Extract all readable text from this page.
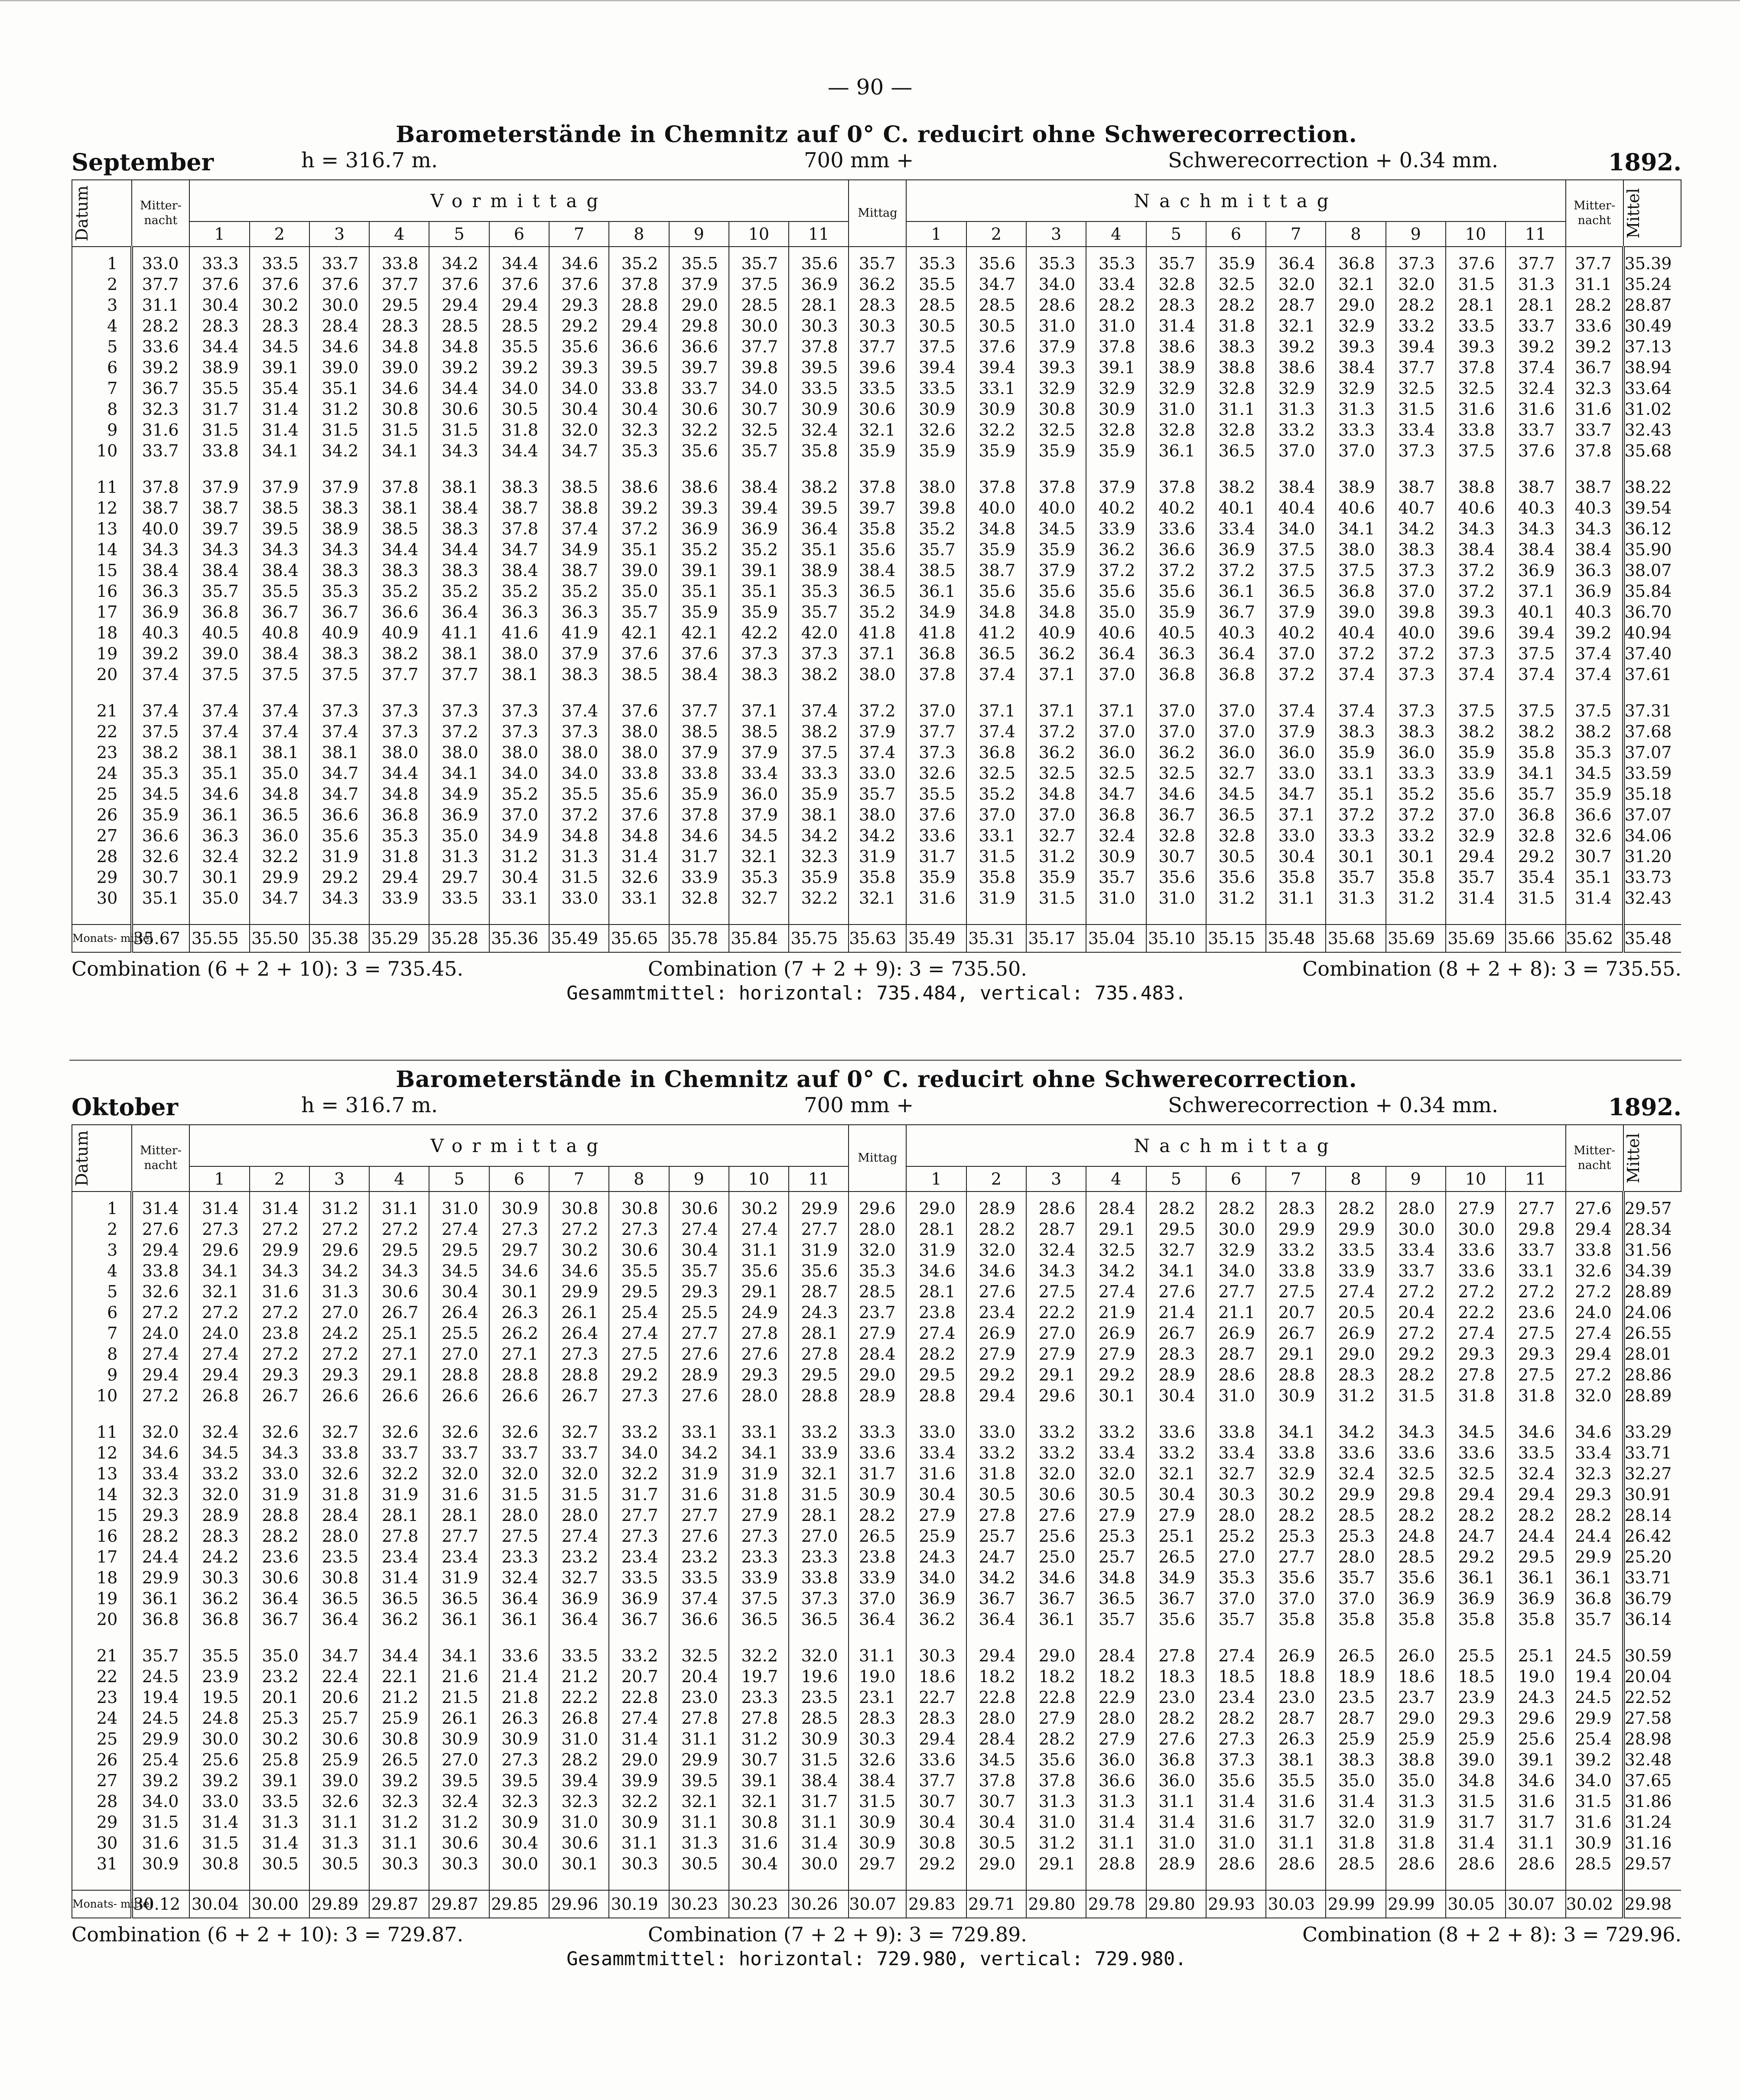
— 90 —
Barometerstände in Chemnitz auf 0° C. reducirt ohne Schwerecorrection.
September	h = 316.7 m.	700 mm +	Schwerecorrection + 0.34 mm.	1892.
Datum	Mitter- nacht	Vormittag											Mittag	Nachmittag											Mitter- nacht	Mittel

		1	2	3	4	5	6	7	8	9	10	11		1	2	3	4	5	6	7	8	9	10	11		
1	33.0	33.3	33.5	33.7	33.8	34.2	34.4	34.6	35.2	35.5	35.7	35.6	35.7	35.3	35.6	35.3	35.3	35.7	35.9	36.4	36.8	37.3	37.6	37.7	37.7	35.39
2	37.7	37.6	37.6	37.6	37.7	37.6	37.6	37.6	37.8	37.9	37.5	36.9	36.2	35.5	34.7	34.0	33.4	32.8	32.5	32.0	32.1	32.0	31.5	31.3	31.1	35.24
3	31.1	30.4	30.2	30.0	29.5	29.4	29.4	29.3	28.8	29.0	28.5	28.1	28.3	28.5	28.5	28.6	28.2	28.3	28.2	28.7	29.0	28.2	28.1	28.1	28.2	28.87
4	28.2	28.3	28.3	28.4	28.3	28.5	28.5	29.2	29.4	29.8	30.0	30.3	30.3	30.5	30.5	31.0	31.0	31.4	31.8	32.1	32.9	33.2	33.5	33.7	33.6	30.49
5	33.6	34.4	34.5	34.6	34.8	34.8	35.5	35.6	36.6	36.6	37.7	37.8	37.7	37.5	37.6	37.9	37.8	38.6	38.3	39.2	39.3	39.4	39.3	39.2	39.2	37.13
6	39.2	38.9	39.1	39.0	39.0	39.2	39.2	39.3	39.5	39.7	39.8	39.5	39.6	39.4	39.4	39.3	39.1	38.9	38.8	38.6	38.4	37.7	37.8	37.4	36.7	38.94
7	36.7	35.5	35.4	35.1	34.6	34.4	34.0	34.0	33.8	33.7	34.0	33.5	33.5	33.5	33.1	32.9	32.9	32.9	32.8	32.9	32.9	32.5	32.5	32.4	32.3	33.64
8	32.3	31.7	31.4	31.2	30.8	30.6	30.5	30.4	30.4	30.6	30.7	30.9	30.6	30.9	30.9	30.8	30.9	31.0	31.1	31.3	31.3	31.5	31.6	31.6	31.6	31.02
9	31.6	31.5	31.4	31.5	31.5	31.5	31.8	32.0	32.3	32.2	32.5	32.4	32.1	32.6	32.2	32.5	32.8	32.8	32.8	33.2	33.3	33.4	33.8	33.7	33.7	32.43
10	33.7	33.8	34.1	34.2	34.1	34.3	34.4	34.7	35.3	35.6	35.7	35.8	35.9	35.9	35.9	35.9	35.9	36.1	36.5	37.0	37.0	37.3	37.5	37.6	37.8	35.68

11	37.8	37.9	37.9	37.9	37.8	38.1	38.3	38.5	38.6	38.6	38.4	38.2	37.8	38.0	37.8	37.8	37.9	37.8	38.2	38.4	38.9	38.7	38.8	38.7	38.7	38.22
12	38.7	38.7	38.5	38.3	38.1	38.4	38.7	38.8	39.2	39.3	39.4	39.5	39.7	39.8	40.0	40.0	40.2	40.2	40.1	40.4	40.6	40.7	40.6	40.3	40.3	39.54
13	40.0	39.7	39.5	38.9	38.5	38.3	37.8	37.4	37.2	36.9	36.9	36.4	35.8	35.2	34.8	34.5	33.9	33.6	33.4	34.0	34.1	34.2	34.3	34.3	34.3	36.12
14	34.3	34.3	34.3	34.3	34.4	34.4	34.7	34.9	35.1	35.2	35.2	35.1	35.6	35.7	35.9	35.9	36.2	36.6	36.9	37.5	38.0	38.3	38.4	38.4	38.4	35.90
15	38.4	38.4	38.4	38.3	38.3	38.3	38.4	38.7	39.0	39.1	39.1	38.9	38.4	38.5	38.7	37.9	37.2	37.2	37.2	37.5	37.5	37.3	37.2	36.9	36.3	38.07
16	36.3	35.7	35.5	35.3	35.2	35.2	35.2	35.2	35.0	35.1	35.1	35.3	36.5	36.1	35.6	35.6	35.6	35.6	36.1	36.5	36.8	37.0	37.2	37.1	36.9	35.84
17	36.9	36.8	36.7	36.7	36.6	36.4	36.3	36.3	35.7	35.9	35.9	35.7	35.2	34.9	34.8	34.8	35.0	35.9	36.7	37.9	39.0	39.8	39.3	40.1	40.3	36.70
18	40.3	40.5	40.8	40.9	40.9	41.1	41.6	41.9	42.1	42.1	42.2	42.0	41.8	41.8	41.2	40.9	40.6	40.5	40.3	40.2	40.4	40.0	39.6	39.4	39.2	40.94
19	39.2	39.0	38.4	38.3	38.2	38.1	38.0	37.9	37.6	37.6	37.3	37.3	37.1	36.8	36.5	36.2	36.4	36.3	36.4	37.0	37.2	37.2	37.3	37.5	37.4	37.40
20	37.4	37.5	37.5	37.5	37.7	37.7	38.1	38.3	38.5	38.4	38.3	38.2	38.0	37.8	37.4	37.1	37.0	36.8	36.8	37.2	37.4	37.3	37.4	37.4	37.4	37.61

21	37.4	37.4	37.4	37.3	37.3	37.3	37.3	37.4	37.6	37.7	37.1	37.4	37.2	37.0	37.1	37.1	37.1	37.0	37.0	37.4	37.4	37.3	37.5	37.5	37.5	37.31
22	37.5	37.4	37.4	37.4	37.3	37.2	37.3	37.3	38.0	38.5	38.5	38.2	37.9	37.7	37.4	37.2	37.0	37.0	37.0	37.9	38.3	38.3	38.2	38.2	38.2	37.68
23	38.2	38.1	38.1	38.1	38.0	38.0	38.0	38.0	38.0	37.9	37.9	37.5	37.4	37.3	36.8	36.2	36.0	36.2	36.0	36.0	35.9	36.0	35.9	35.8	35.3	37.07
24	35.3	35.1	35.0	34.7	34.4	34.1	34.0	34.0	33.8	33.8	33.4	33.3	33.0	32.6	32.5	32.5	32.5	32.5	32.7	33.0	33.1	33.3	33.9	34.1	34.5	33.59
25	34.5	34.6	34.8	34.7	34.8	34.9	35.2	35.5	35.6	35.9	36.0	35.9	35.7	35.5	35.2	34.8	34.7	34.6	34.5	34.7	35.1	35.2	35.6	35.7	35.9	35.18
26	35.9	36.1	36.5	36.6	36.8	36.9	37.0	37.2	37.6	37.8	37.9	38.1	38.0	37.6	37.0	37.0	36.8	36.7	36.5	37.1	37.2	37.2	37.0	36.8	36.6	37.07
27	36.6	36.3	36.0	35.6	35.3	35.0	34.9	34.8	34.8	34.6	34.5	34.2	34.2	33.6	33.1	32.7	32.4	32.8	32.8	33.0	33.3	33.2	32.9	32.8	32.6	34.06
28	32.6	32.4	32.2	31.9	31.8	31.3	31.2	31.3	31.4	31.7	32.1	32.3	31.9	31.7	31.5	31.2	30.9	30.7	30.5	30.4	30.1	30.1	29.4	29.2	30.7	31.20
29	30.7	30.1	29.9	29.2	29.4	29.7	30.4	31.5	32.6	33.9	35.3	35.9	35.8	35.9	35.8	35.9	35.7	35.6	35.6	35.8	35.7	35.8	35.7	35.4	35.1	33.73
30	35.1	35.0	34.7	34.3	33.9	33.5	33.1	33.0	33.1	32.8	32.7	32.2	32.1	31.6	31.9	31.5	31.0	31.0	31.2	31.1	31.3	31.2	31.4	31.5	31.4	32.43

Monats- mittel	35.67	35.55	35.50	35.38	35.29	35.28	35.36	35.49	35.65	35.78	35.84	35.75	35.63	35.49	35.31	35.17	35.04	35.10	35.15	35.48	35.68	35.69	35.69	35.66	35.62	35.48
Combination (6 + 2 + 10): 3 = 735.45.	Combination (7 + 2 + 9): 3 = 735.50.	Combination (8 + 2 + 8): 3 = 735.55.
Gesammtmittel: horizontal: 735.484, vertical: 735.483.
Barometerstände in Chemnitz auf 0° C. reducirt ohne Schwerecorrection.
Oktober	h = 316.7 m.	700 mm +	Schwerecorrection + 0.34 mm.	1892.
Datum	Mitter- nacht	Vormittag											Mittag	Nachmittag											Mitter- nacht	Mittel

		1	2	3	4	5	6	7	8	9	10	11		1	2	3	4	5	6	7	8	9	10	11		
1	31.4	31.4	31.4	31.2	31.1	31.0	30.9	30.8	30.8	30.6	30.2	29.9	29.6	29.0	28.9	28.6	28.4	28.2	28.2	28.3	28.2	28.0	27.9	27.7	27.6	29.57
2	27.6	27.3	27.2	27.2	27.2	27.4	27.3	27.2	27.3	27.4	27.4	27.7	28.0	28.1	28.2	28.7	29.1	29.5	30.0	29.9	29.9	30.0	30.0	29.8	29.4	28.34
3	29.4	29.6	29.9	29.6	29.5	29.5	29.7	30.2	30.6	30.4	31.1	31.9	32.0	31.9	32.0	32.4	32.5	32.7	32.9	33.2	33.5	33.4	33.6	33.7	33.8	31.56
4	33.8	34.1	34.3	34.2	34.3	34.5	34.6	34.6	35.5	35.7	35.6	35.6	35.3	34.6	34.6	34.3	34.2	34.1	34.0	33.8	33.9	33.7	33.6	33.1	32.6	34.39
5	32.6	32.1	31.6	31.3	30.6	30.4	30.1	29.9	29.5	29.3	29.1	28.7	28.5	28.1	27.6	27.5	27.4	27.6	27.7	27.5	27.4	27.2	27.2	27.2	27.2	28.89
6	27.2	27.2	27.2	27.0	26.7	26.4	26.3	26.1	25.4	25.5	24.9	24.3	23.7	23.8	23.4	22.2	21.9	21.4	21.1	20.7	20.5	20.4	22.2	23.6	24.0	24.06
7	24.0	24.0	23.8	24.2	25.1	25.5	26.2	26.4	27.4	27.7	27.8	28.1	27.9	27.4	26.9	27.0	26.9	26.7	26.9	26.7	26.9	27.2	27.4	27.5	27.4	26.55
8	27.4	27.4	27.2	27.2	27.1	27.0	27.1	27.3	27.5	27.6	27.6	27.8	28.4	28.2	27.9	27.9	27.9	28.3	28.7	29.1	29.0	29.2	29.3	29.3	29.4	28.01
9	29.4	29.4	29.3	29.3	29.1	28.8	28.8	28.8	29.2	28.9	29.3	29.5	29.0	29.5	29.2	29.1	29.2	28.9	28.6	28.8	28.3	28.2	27.8	27.5	27.2	28.86
10	27.2	26.8	26.7	26.6	26.6	26.6	26.6	26.7	27.3	27.6	28.0	28.8	28.9	28.8	29.4	29.6	30.1	30.4	31.0	30.9	31.2	31.5	31.8	31.8	32.0	28.89

11	32.0	32.4	32.6	32.7	32.6	32.6	32.6	32.7	33.2	33.1	33.1	33.2	33.3	33.0	33.0	33.2	33.2	33.6	33.8	34.1	34.2	34.3	34.5	34.6	34.6	33.29
12	34.6	34.5	34.3	33.8	33.7	33.7	33.7	33.7	34.0	34.2	34.1	33.9	33.6	33.4	33.2	33.2	33.4	33.2	33.4	33.8	33.6	33.6	33.6	33.5	33.4	33.71
13	33.4	33.2	33.0	32.6	32.2	32.0	32.0	32.0	32.2	31.9	31.9	32.1	31.7	31.6	31.8	32.0	32.0	32.1	32.7	32.9	32.4	32.5	32.5	32.4	32.3	32.27
14	32.3	32.0	31.9	31.8	31.9	31.6	31.5	31.5	31.7	31.6	31.8	31.5	30.9	30.4	30.5	30.6	30.5	30.4	30.3	30.2	29.9	29.8	29.4	29.4	29.3	30.91
15	29.3	28.9	28.8	28.4	28.1	28.1	28.0	28.0	27.7	27.7	27.9	28.1	28.2	27.9	27.8	27.6	27.9	27.9	28.0	28.2	28.5	28.2	28.2	28.2	28.2	28.14
16	28.2	28.3	28.2	28.0	27.8	27.7	27.5	27.4	27.3	27.6	27.3	27.0	26.5	25.9	25.7	25.6	25.3	25.1	25.2	25.3	25.3	24.8	24.7	24.4	24.4	26.42
17	24.4	24.2	23.6	23.5	23.4	23.4	23.3	23.2	23.4	23.2	23.3	23.3	23.8	24.3	24.7	25.0	25.7	26.5	27.0	27.7	28.0	28.5	29.2	29.5	29.9	25.20
18	29.9	30.3	30.6	30.8	31.4	31.9	32.4	32.7	33.5	33.5	33.9	33.8	33.9	34.0	34.2	34.6	34.8	34.9	35.3	35.6	35.7	35.6	36.1	36.1	36.1	33.71
19	36.1	36.2	36.4	36.5	36.5	36.5	36.4	36.9	36.9	37.4	37.5	37.3	37.0	36.9	36.7	36.7	36.5	36.7	37.0	37.0	37.0	36.9	36.9	36.9	36.8	36.79
20	36.8	36.8	36.7	36.4	36.2	36.1	36.1	36.4	36.7	36.6	36.5	36.5	36.4	36.2	36.4	36.1	35.7	35.6	35.7	35.8	35.8	35.8	35.8	35.8	35.7	36.14

21	35.7	35.5	35.0	34.7	34.4	34.1	33.6	33.5	33.2	32.5	32.2	32.0	31.1	30.3	29.4	29.0	28.4	27.8	27.4	26.9	26.5	26.0	25.5	25.1	24.5	30.59
22	24.5	23.9	23.2	22.4	22.1	21.6	21.4	21.2	20.7	20.4	19.7	19.6	19.0	18.6	18.2	18.2	18.2	18.3	18.5	18.8	18.9	18.6	18.5	19.0	19.4	20.04
23	19.4	19.5	20.1	20.6	21.2	21.5	21.8	22.2	22.8	23.0	23.3	23.5	23.1	22.7	22.8	22.8	22.9	23.0	23.4	23.0	23.5	23.7	23.9	24.3	24.5	22.52
24	24.5	24.8	25.3	25.7	25.9	26.1	26.3	26.8	27.4	27.8	27.8	28.5	28.3	28.3	28.0	27.9	28.0	28.2	28.2	28.7	28.7	29.0	29.3	29.6	29.9	27.58
25	29.9	30.0	30.2	30.6	30.8	30.9	30.9	31.0	31.4	31.1	31.2	30.9	30.3	29.4	28.4	28.2	27.9	27.6	27.3	26.3	25.9	25.9	25.9	25.6	25.4	28.98
26	25.4	25.6	25.8	25.9	26.5	27.0	27.3	28.2	29.0	29.9	30.7	31.5	32.6	33.6	34.5	35.6	36.0	36.8	37.3	38.1	38.3	38.8	39.0	39.1	39.2	32.48
27	39.2	39.2	39.1	39.0	39.2	39.5	39.5	39.4	39.9	39.5	39.1	38.4	38.4	37.7	37.8	37.8	36.6	36.0	35.6	35.5	35.0	35.0	34.8	34.6	34.0	37.65
28	34.0	33.0	33.5	32.6	32.3	32.4	32.3	32.3	32.2	32.1	32.1	31.7	31.5	30.7	30.7	31.3	31.3	31.1	31.4	31.6	31.4	31.3	31.5	31.6	31.5	31.86
29	31.5	31.4	31.3	31.1	31.2	31.2	30.9	31.0	30.9	31.1	30.8	31.1	30.9	30.4	30.4	31.0	31.4	31.4	31.6	31.7	32.0	31.9	31.7	31.7	31.6	31.24
30	31.6	31.5	31.4	31.3	31.1	30.6	30.4	30.6	31.1	31.3	31.6	31.4	30.9	30.8	30.5	31.2	31.1	31.0	31.0	31.1	31.8	31.8	31.4	31.1	30.9	31.16
31	30.9	30.8	30.5	30.5	30.3	30.3	30.0	30.1	30.3	30.5	30.4	30.0	29.7	29.2	29.0	29.1	28.8	28.9	28.6	28.6	28.5	28.6	28.6	28.6	28.5	29.57

Monats- mittel	30.12	30.04	30.00	29.89	29.87	29.87	29.85	29.96	30.19	30.23	30.23	30.26	30.07	29.83	29.71	29.80	29.78	29.80	29.93	30.03	29.99	29.99	30.05	30.07	30.02	29.98
Combination (6 + 2 + 10): 3 = 729.87.	Combination (7 + 2 + 9): 3 = 729.89.	Combination (8 + 2 + 8): 3 = 729.96.
Gesammtmittel: horizontal: 729.980, vertical: 729.980.
